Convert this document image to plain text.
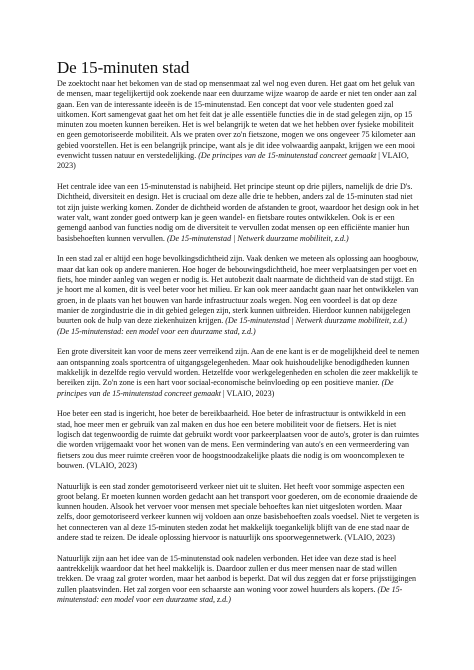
De 15-minuten stad

De zoektocht naar het bekomen van de stad op mensenmaat zal wel nog even duren. Het gaat om het geluk van de mensen, maar tegelijkertijd ook zoekende naar een duurzame wijze waarop de aarde er niet ten onder aan zal gaan. Een van de interessante ideeën is de 15-minutenstad. Een concept dat voor vele studenten goed zal uitkomen. Kort samengevat gaat het om het feit dat je alle essentiële functies die in de stad gelegen zijn, op 15 minuten zou moeten kunnen bereiken. Het is wel belangrijk te weten dat we het hebben over fysieke mobiliteit en geen gemotoriseerde mobiliteit. Als we praten over zo'n fietszone, mogen we ons ongeveer 75 kilometer aan gebied voorstellen. Het is een belangrijk principe, want als je dit idee volwaardig aanpakt, krijgen we een mooi evenwicht tussen natuur en verstedelijking. (De principes van de 15-minutenstad concreet gemaakt | VLAIO, 2023)

Het centrale idee van een 15-minutenstad is nabijheid. Het principe steunt op drie pijlers, namelijk de drie D's. Dichtheid, diversiteit en design. Het is cruciaal om deze alle drie te hebben, anders zal de 15-minuten stad niet tot zijn juiste werking komen. Zonder de dichtheid worden de afstanden te groot, waardoor het design ook in het water valt, want zonder goed ontwerp kan je geen wandel- en fietsbare routes ontwikkelen. Ook is er een gemengd aanbod van functies nodig om de diversiteit te vervullen zodat mensen op een efficiënte manier hun basisbehoeften kunnen vervullen. (De 15-minutenstad | Netwerk duurzame mobiliteit, z.d.)

In een stad zal er altijd een hoge bevolkingsdichtheid zijn. Vaak denken we meteen als oplossing aan hoogbouw, maar dat kan ook op andere manieren. Hoe hoger de bebouwingsdichtheid, hoe meer verplaatsingen per voet en fiets, hoe minder aanleg van wegen er nodig is. Het autobezit daalt naarmate de dichtheid van de stad stijgt. En je hoort me al komen, dit is veel beter voor het milieu. Er kan ook meer aandacht gaan naar het ontwikkelen van groen, in de plaats van het bouwen van harde infrastructuur zoals wegen. Nog een voordeel is dat op deze manier de zorgindustrie die in dit gebied gelegen zijn, sterk kunnen uitbreiden. Hierdoor kunnen nabijgelegen buurten ook de hulp van deze ziekenhuizen krijgen. (De 15-minutenstad | Netwerk duurzame mobiliteit, z.d.) (De 15-minutenstad: een model voor een duurzame stad, z.d.)

Een grote diversiteit kan voor de mens zeer verreikend zijn. Aan de ene kant is er de mogelijkheid deel te nemen aan ontspanning zoals sportcentra of uitgangsgelegenheden. Maar ook huishoudelijke benodigdheden kunnen makkelijk in dezelfde regio vervuld worden. Hetzelfde voor werkgelegenheden en scholen die zeer makkelijk te bereiken zijn. Zo'n zone is een hart voor sociaal-economische beïnvloeding op een positieve manier. (De principes van de 15-minutenstad concreet gemaakt | VLAIO, 2023)

Hoe beter een stad is ingericht, hoe beter de bereikbaarheid. Hoe beter de infrastructuur is ontwikkeld in een stad, hoe meer men er gebruik van zal maken en dus hoe een betere mobiliteit voor de fietsers. Het is niet logisch dat tegenwoordig de ruimte dat gebruikt wordt voor parkeerplaatsen voor de auto's, groter is dan ruimtes die worden vrijgemaakt voor het wonen van de mens. Een vermindering van auto's en een vermeerdering van fietsers zou dus meer ruimte creëren voor de hoogstnoodzakelijke plaats die nodig is om wooncomplexen te bouwen. (VLAIO, 2023)

Natuurlijk is een stad zonder gemotoriseerd verkeer niet uit te sluiten. Het heeft voor sommige aspecten een groot belang. Er moeten kunnen worden gedacht aan het transport voor goederen, om de economie draaiende de kunnen houden. Alsook het vervoer voor mensen met speciale behoeftes kan niet uitgesloten worden. Maar zelfs, door gemotoriseerd verkeer kunnen wij voldoen aan onze basisbehoeften zoals voedsel. Niet te vergeten is het connecteren van al deze 15-minuten steden zodat het makkelijk toegankelijk blijft van de ene stad naar de andere stad te reizen. De ideale oplossing hiervoor is natuurlijk ons spoorwegennetwerk. (VLAIO, 2023)

Natuurlijk zijn aan het idee van de 15-minutenstad ook nadelen verbonden. Het idee van deze stad is heel aantrekkelijk waardoor dat het heel makkelijk is. Daardoor zullen er dus meer mensen naar de stad willen trekken. De vraag zal groter worden, maar het aanbod is beperkt. Dat wil dus zeggen dat er forse prijsstijgingen zullen plaatsvinden. Het zal zorgen voor een schaarste aan woning voor zowel huurders als kopers. (De 15-minutenstad: een model voor een duurzame stad, z.d.)
